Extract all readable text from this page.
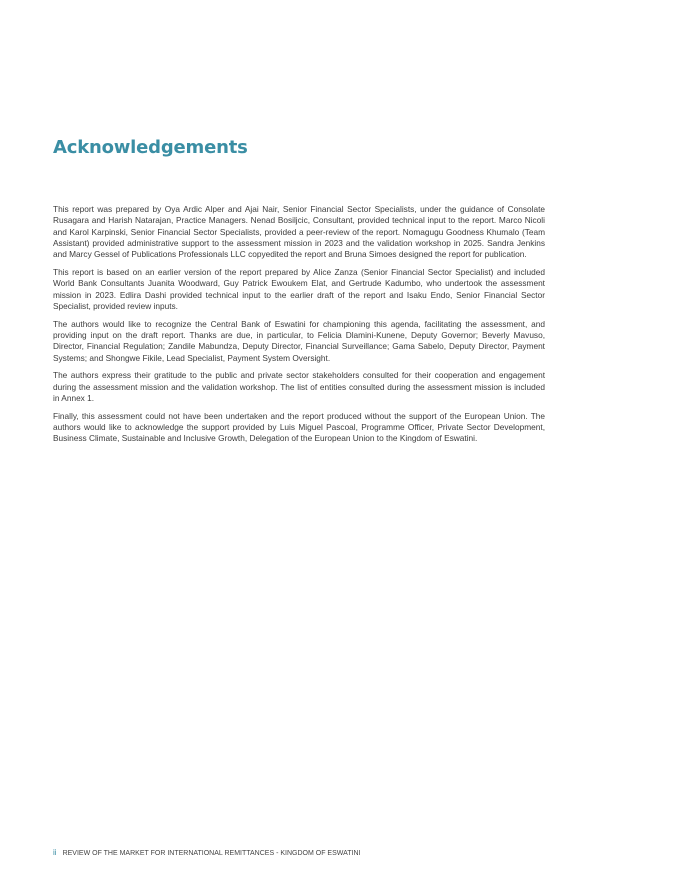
Acknowledgements

This report was prepared by Oya Ardic Alper and Ajai Nair, Senior Financial Sector Specialists, under the guidance of Consolate Rusagara and Harish Natarajan, Practice Managers. Nenad Bosiljcic, Consultant, provided technical input to the report. Marco Nicoli and Karol Karpinski, Senior Financial Sector Specialists, provided a peer-review of the report. Nomagugu Goodness Khumalo (Team Assistant) provided administrative support to the assessment mission in 2023 and the validation workshop in 2025. Sandra Jenkins and Marcy Gessel of Publications Professionals LLC copyedited the report and Bruna Simoes designed the report for publication.

This report is based on an earlier version of the report prepared by Alice Zanza (Senior Financial Sector Specialist) and included World Bank Consultants Juanita Woodward, Guy Patrick Ewoukem Elat, and Gertrude Kadumbo, who undertook the assessment mission in 2023. Edlira Dashi provided technical input to the earlier draft of the report and Isaku Endo, Senior Financial Sector Specialist, provided review inputs.

The authors would like to recognize the Central Bank of Eswatini for championing this agenda, facilitating the assessment, and providing input on the draft report. Thanks are due, in particular, to Felicia Dlamini-Kunene, Deputy Governor; Beverly Mavuso, Director, Financial Regulation; Zandile Mabundza, Deputy Director, Financial Surveillance; Gama Sabelo, Deputy Director, Payment Systems; and Shongwe Fikile, Lead Specialist, Payment System Oversight.

The authors express their gratitude to the public and private sector stakeholders consulted for their cooperation and engagement during the assessment mission and the validation workshop. The list of entities consulted during the assessment mission is included in Annex 1.

Finally, this assessment could not have been undertaken and the report produced without the support of the European Union. The authors would like to acknowledge the support provided by Luis Miguel Pascoal, Programme Officer, Private Sector Development, Business Climate, Sustainable and Inclusive Growth, Delegation of the European Union to the Kingdom of Eswatini.

ii REVIEW OF THE MARKET FOR INTERNATIONAL REMITTANCES - KINGDOM OF ESWATINI
